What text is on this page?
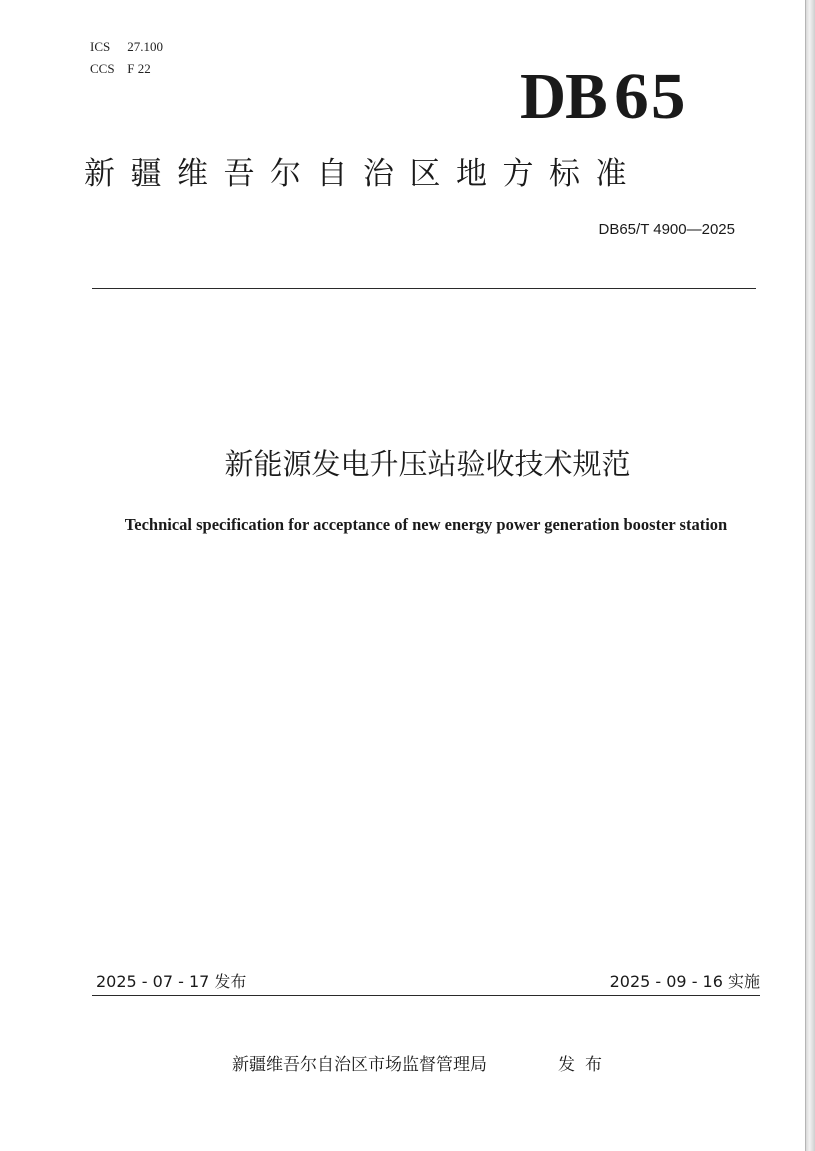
ICS 27.100
CCS F 22	DB 65
新疆维吾尔自治区地方标准
DB65/T 4900—2025
新能源发电升压站验收技术规范
Technical specification for acceptance of new energy power generation booster station
2025 - 07 - 17 发布	2025 - 09 - 16 实施
新疆维吾尔自治区市场监督管理局	发布
